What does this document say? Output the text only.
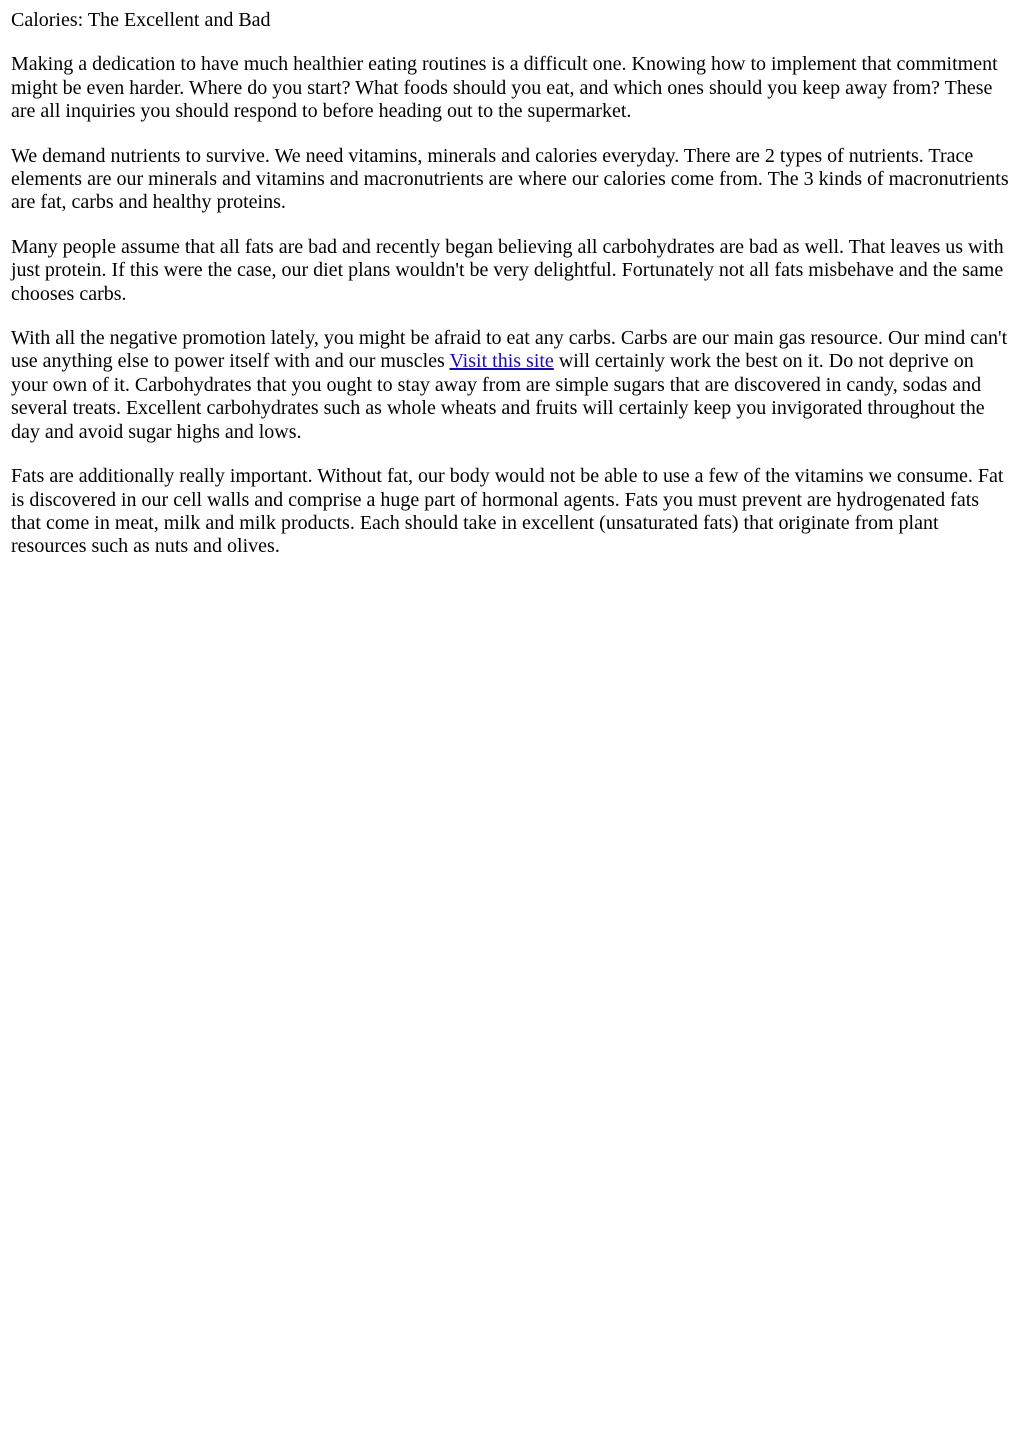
Calories: The Excellent and Bad

Making a dedication to have much healthier eating routines is a difficult one. Knowing how to implement that commitment might be even harder. Where do you start? What foods should you eat, and which ones should you keep away from? These are all inquiries you should respond to before heading out to the supermarket.

We demand nutrients to survive. We need vitamins, minerals and calories everyday. There are 2 types of nutrients. Trace elements are our minerals and vitamins and macronutrients are where our calories come from. The 3 kinds of macronutrients are fat, carbs and healthy proteins.

Many people assume that all fats are bad and recently began believing all carbohydrates are bad as well. That leaves us with just protein. If this were the case, our diet plans wouldn't be very delightful. Fortunately not all fats misbehave and the same chooses carbs.

With all the negative promotion lately, you might be afraid to eat any carbs. Carbs are our main gas resource. Our mind can't use anything else to power itself with and our muscles Visit this site will certainly work the best on it. Do not deprive on your own of it. Carbohydrates that you ought to stay away from are simple sugars that are discovered in candy, sodas and several treats. Excellent carbohydrates such as whole wheats and fruits will certainly keep you invigorated throughout the day and avoid sugar highs and lows.

Fats are additionally really important. Without fat, our body would not be able to use a few of the vitamins we consume. Fat is discovered in our cell walls and comprise a huge part of hormonal agents. Fats you must prevent are hydrogenated fats that come in meat, milk and milk products. Each should take in excellent (unsaturated fats) that originate from plant resources such as nuts and olives.
